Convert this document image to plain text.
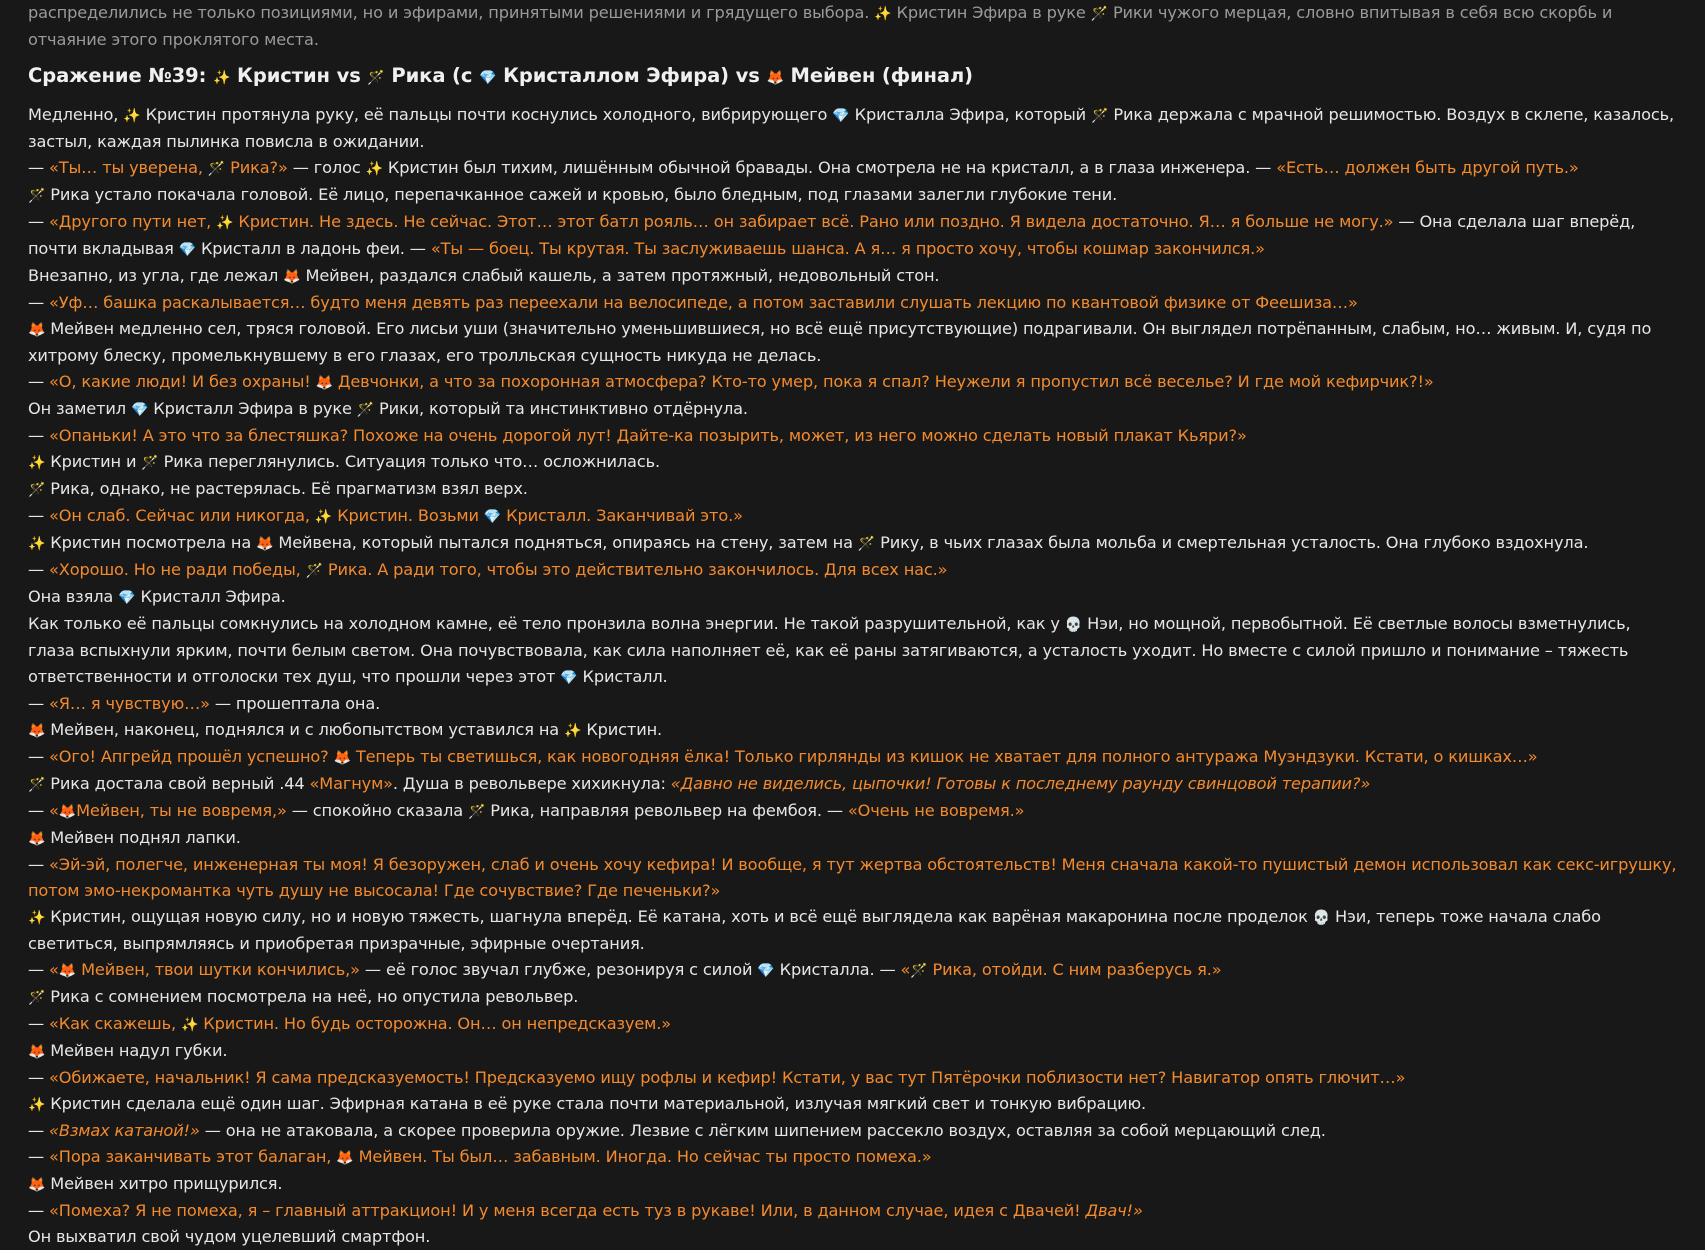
распределились не только позициями, но и эфирами, принятыми решениями и грядущего выбора. ✨ Кристин Эфира в руке 🪄 Рики чужого мерцая, словно впитывая в себя всю скорбь и
отчаяние этого проклятого места.
Сражение №39: ✨ Кристин vs 🪄 Рика (с 💎 Кристаллом Эфира) vs 🦊 Мейвен (финал)
Медленно, ✨ Кристин протянула руку, её пальцы почти коснулись холодного, вибрирующего 💎 Кристалла Эфира, который 🪄 Рика держала с мрачной решимостью. Воздух в склепе, казалось, застыл, каждая пылинка повисла в ожидании.
— «Ты… ты уверена, 🪄 Рика?» — голос ✨ Кристин был тихим, лишённым обычной бравады. Она смотрела не на кристалл, а в глаза инженера. — «Есть… должен быть другой путь.»
🪄 Рика устало покачала головой. Её лицо, перепачканное сажей и кровью, было бледным, под глазами залегли глубокие тени.
— «Другого пути нет, ✨ Кристин. Не здесь. Не сейчас. Этот… этот батл рояль… он забирает всё. Рано или поздно. Я видела достаточно. Я… я больше не могу.» — Она сделала шаг вперёд, почти вкладывая 💎 Кристалл в ладонь феи. — «Ты — боец. Ты крутая. Ты заслуживаешь шанса. А я… я просто хочу, чтобы кошмар закончился.»
Внезапно, из угла, где лежал 🦊 Мейвен, раздался слабый кашель, а затем протяжный, недовольный стон.
— «Уф… башка раскалывается… будто меня девять раз переехали на велосипеде, а потом заставили слушать лекцию по квантовой физике от Феешиза…»
🦊 Мейвен медленно сел, тряся головой. Его лисьи уши (значительно уменьшившиеся, но всё ещё присутствующие) подрагивали. Он выглядел потрёпанным, слабым, но… живым. И, судя по хитрому блеску, промелькнувшему в его глазах, его тролльская сущность никуда не делась.
— «О, какие люди! И без охраны! 🦊 Девчонки, а что за похоронная атмосфера? Кто-то умер, пока я спал? Неужели я пропустил всё веселье? И где мой кефирчик?!»
Он заметил 💎 Кристалл Эфира в руке 🪄 Рики, который та инстинктивно отдёрнула.
— «Опаньки! А это что за блестяшка? Похоже на очень дорогой лут! Дайте-ка позырить, может, из него можно сделать новый плакат Кьяри?»
✨ Кристин и 🪄 Рика переглянулись. Ситуация только что… осложнилась.
🪄 Рика, однако, не растерялась. Её прагматизм взял верх.
— «Он слаб. Сейчас или никогда, ✨ Кристин. Возьми 💎 Кристалл. Заканчивай это.»
✨ Кристин посмотрела на 🦊 Мейвена, который пытался подняться, опираясь на стену, затем на 🪄 Рику, в чьих глазах была мольба и смертельная усталость. Она глубоко вздохнула.
— «Хорошо. Но не ради победы, 🪄 Рика. А ради того, чтобы это действительно закончилось. Для всех нас.»
Она взяла 💎 Кристалл Эфира.
Как только её пальцы сомкнулись на холодном камне, её тело пронзила волна энергии. Не такой разрушительной, как у 💀 Нэи, но мощной, первобытной. Её светлые волосы взметнулись, глаза вспыхнули ярким, почти белым светом. Она почувствовала, как сила наполняет её, как её раны затягиваются, а усталость уходит. Но вместе с силой пришло и понимание – тяжесть ответственности и отголоски тех душ, что прошли через этот 💎 Кристалл.
— «Я… я чувствую…» — прошептала она.
🦊 Мейвен, наконец, поднялся и с любопытством уставился на ✨ Кристин.
— «Ого! Апгрейд прошёл успешно? 🦊 Теперь ты светишься, как новогодняя ёлка! Только гирлянды из кишок не хватает для полного антуража Муэндзуки. Кстати, о кишках…»
🪄 Рика достала свой верный .44 «Магнум». Душа в револьвере хихикнула: «Давно не виделись, цыпочки! Готовы к последнему раунду свинцовой терапии?»
— «🦊Мейвен, ты не вовремя,» — спокойно сказала 🪄 Рика, направляя револьвер на фембоя. — «Очень не вовремя.»
🦊 Мейвен поднял лапки.
— «Эй-эй, полегче, инженерная ты моя! Я безоружен, слаб и очень хочу кефира! И вообще, я тут жертва обстоятельств! Меня сначала какой-то пушистый демон использовал как секс-игрушку, потом эмо-некромантка чуть душу не высосала! Где сочувствие? Где печеньки?»
✨ Кристин, ощущая новую силу, но и новую тяжесть, шагнула вперёд. Её катана, хоть и всё ещё выглядела как варёная макаронина после проделок 💀 Нэи, теперь тоже начала слабо светиться, выпрямляясь и приобретая призрачные, эфирные очертания.
— «🦊 Мейвен, твои шутки кончились,» — её голос звучал глубже, резонируя с силой 💎 Кристалла. — «🪄 Рика, отойди. С ним разберусь я.»
🪄 Рика с сомнением посмотрела на неё, но опустила револьвер.
— «Как скажешь, ✨ Кристин. Но будь осторожна. Он… он непредсказуем.»
🦊 Мейвен надул губки.
— «Обижаете, начальник! Я сама предсказуемость! Предсказуемо ищу рофлы и кефир! Кстати, у вас тут Пятёрочки поблизости нет? Навигатор опять глючит…»
✨ Кристин сделала ещё один шаг. Эфирная катана в её руке стала почти материальной, излучая мягкий свет и тонкую вибрацию.
— «Взмах катаной!» — она не атаковала, а скорее проверила оружие. Лезвие с лёгким шипением рассекло воздух, оставляя за собой мерцающий след.
— «Пора заканчивать этот балаган, 🦊 Мейвен. Ты был… забавным. Иногда. Но сейчас ты просто помеха.»
🦊 Мейвен хитро прищурился.
— «Помеха? Я не помеха, я – главный аттракцион! И у меня всегда есть туз в рукаве! Или, в данном случае, идея с Двачей! Двач!»
Он выхватил свой чудом уцелевший смартфон.
